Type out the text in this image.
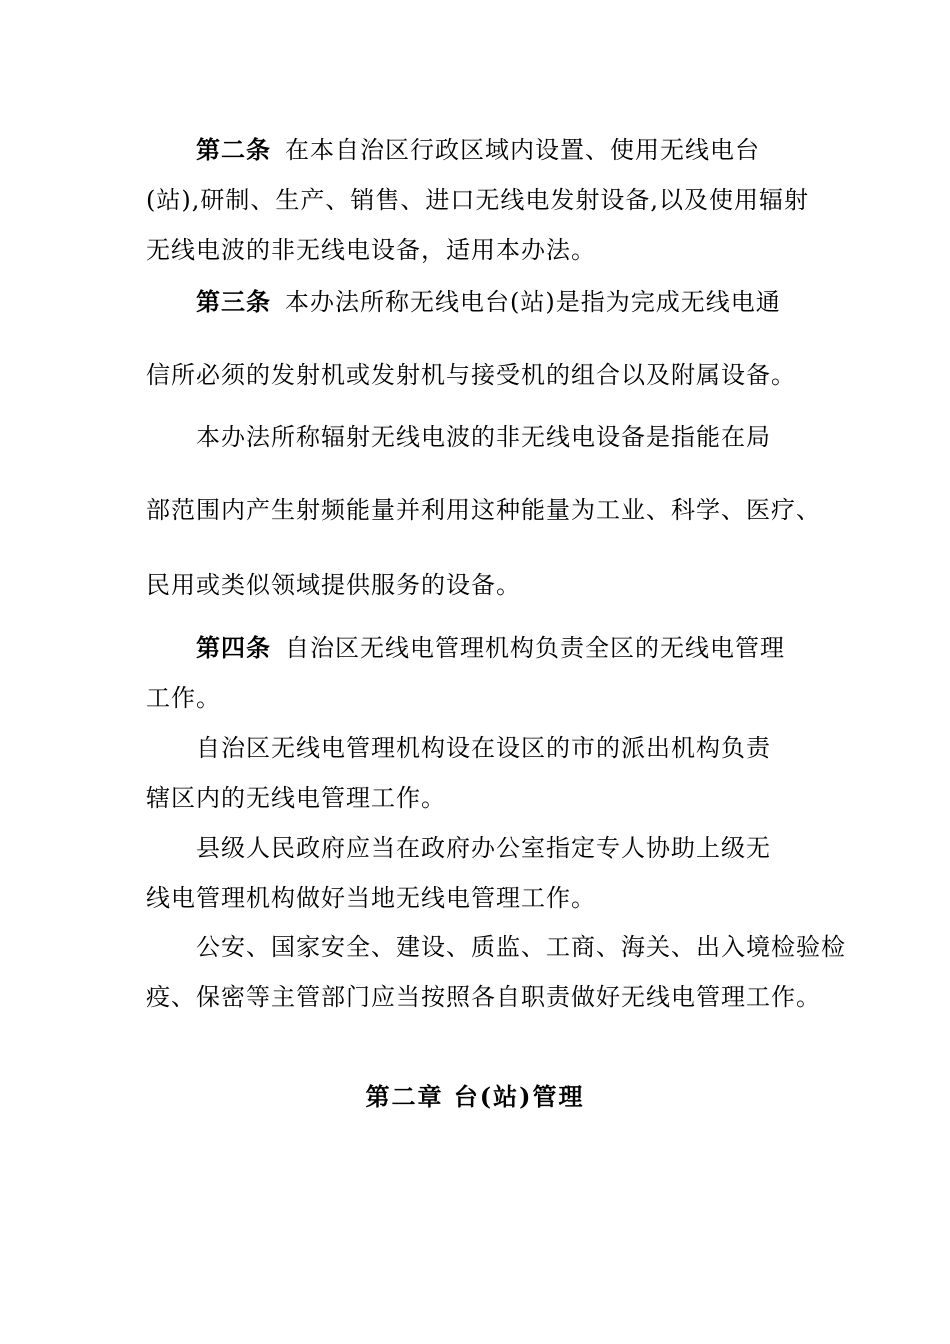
第二条 在本自治区行政区域内设置、使用无线电台
(站),研制、生产、销售、进口无线电发射设备,以及使用辐射
无线电波的非无线电设备，适用本办法。
第三条 本办法所称无线电台(站)是指为完成无线电通
信所必须的发射机或发射机与接受机的组合以及附属设备。
本办法所称辐射无线电波的非无线电设备是指能在局
部范围内产生射频能量并利用这种能量为工业、科学、医疗、
民用或类似领域提供服务的设备。
第四条 自治区无线电管理机构负责全区的无线电管理
工作。
自治区无线电管理机构设在设区的市的派出机构负责
辖区内的无线电管理工作。
县级人民政府应当在政府办公室指定专人协助上级无
线电管理机构做好当地无线电管理工作。
公安、国家安全、建设、质监、工商、海关、出入境检验检
疫、保密等主管部门应当按照各自职责做好无线电管理工作。
第二章 台(站)管理
